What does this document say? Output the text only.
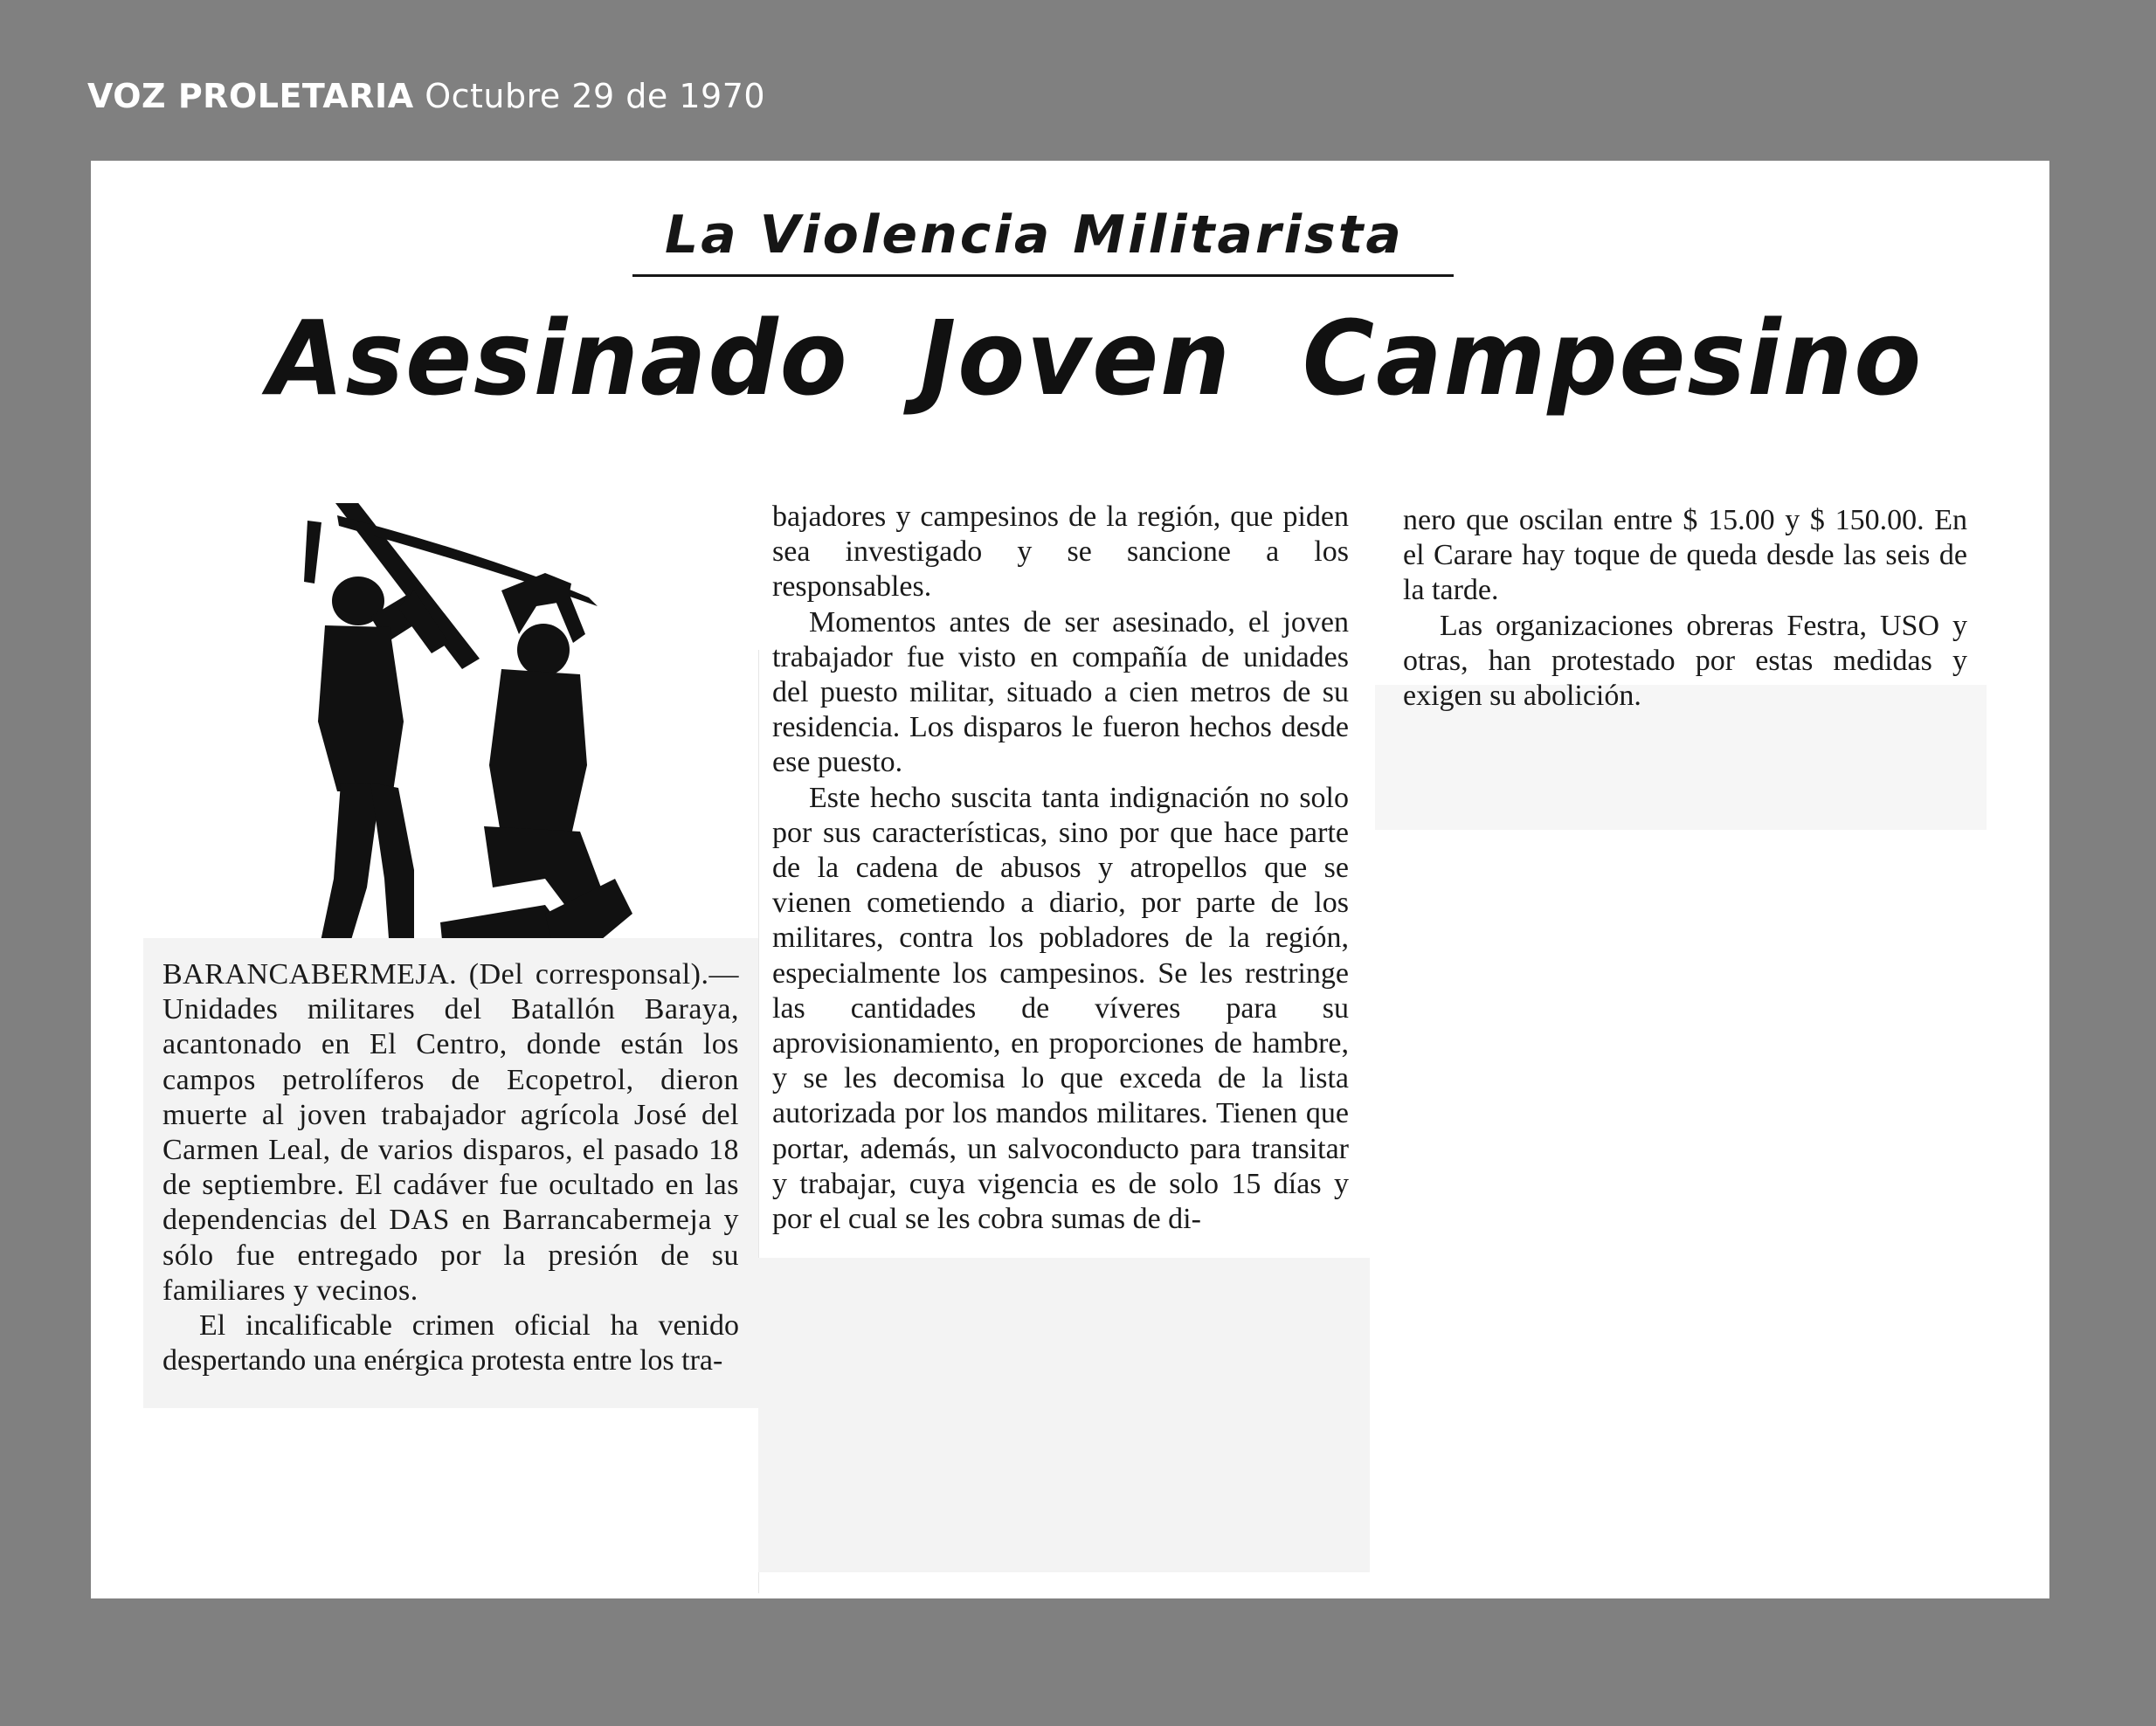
VOZ PROLETARIA Octubre 29 de 1970
La Violencia Militarista
Asesinado Joven Campesino

BARANCABERMEJA. (Del corresponsal).— Unidades militares del Batallón Baraya, acantonado en El Centro, donde están los campos petrolíferos de Ecopetrol, dieron muerte al joven trabajador agrícola José del Carmen Leal, de varios disparos, el pasado 18 de septiembre. El cadáver fue ocultado en las dependencias del DAS en Barrancabermeja y sólo fue entregado por la presión de su familiares y vecinos.

El incalificable crimen oficial ha venido despertando una enérgica protesta entre los tra-

bajadores y campesinos de la región, que piden sea investigado y se sancione a los responsables.

Momentos antes de ser asesinado, el joven trabajador fue visto en compañía de unidades del puesto militar, situado a cien metros de su residencia. Los disparos le fueron hechos desde ese puesto.

Este hecho suscita tanta indignación no solo por sus características, sino por que hace parte de la cadena de abusos y atropellos que se vienen cometiendo a diario, por parte de los militares, contra los pobladores de la región, especialmente los campesinos. Se les restringe las cantidades de víveres para su aprovisionamiento, en proporciones de hambre, y se les decomisa lo que exceda de la lista autorizada por los mandos militares. Tienen que portar, además, un salvoconducto para transitar y trabajar, cuya vigencia es de solo 15 días y por el cual se les cobra sumas de di-

nero que oscilan entre $ 15.00 y $ 150.00. En el Carare hay toque de queda desde las seis de la tarde.

Las organizaciones obreras Festra, USO y otras, han protestado por estas medidas y exigen su abolición.
